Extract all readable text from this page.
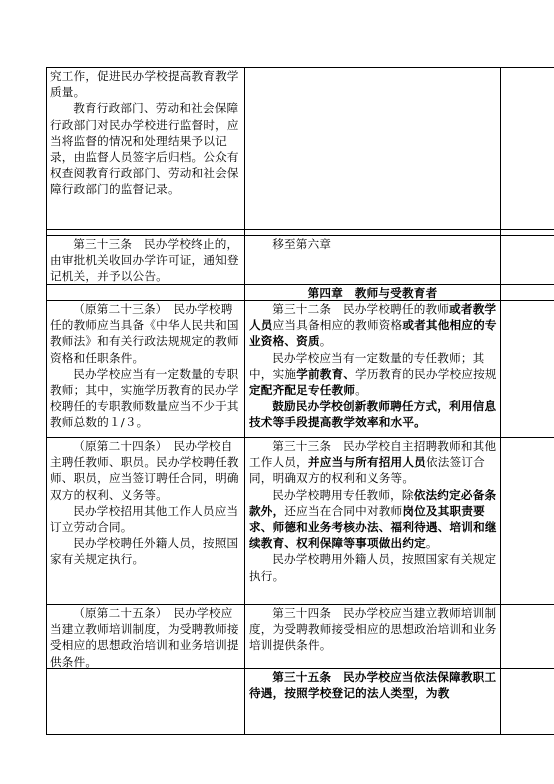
究工作，促进民办学校提高教育教学质量。

教育行政部门、劳动和社会保障行政部门对民办学校进行监督时，应当将监督的情况和处理结果予以记录，由监督人员签字后归档。公众有权查阅教育行政部门、劳动和社会保障行政部门的监督记录。

第三十三条　民办学校终止的，由审批机关收回办学许可证，通知登记机关，并予以公告。

移至第六章

第四章　教师与受教育者

（原第二十三条）　民办学校聘任的教师应当具备《中华人民共和国教师法》和有关行政法规规定的教师资格和任职条件。

民办学校应当有一定数量的专职教师；其中，实施学历教育的民办学校聘任的专职教师数量应当不少于其教师总数的１/３。

第三十二条　民办学校聘任的教师或者教学人员应当具备相应的教师资格或者其他相应的专业资格、资质。

民办学校应当有一定数量的专任教师；其中，实施学前教育、学历教育的民办学校应按规定配齐配足专任教师。

鼓励民办学校创新教师聘任方式，利用信息技术等手段提高教学效率和水平。

（原第二十四条）　民办学校自主聘任教师、职员。民办学校聘任教师、职员，应当签订聘任合同，明确双方的权利、义务等。

民办学校招用其他工作人员应当订立劳动合同。

民办学校聘任外籍人员，按照国家有关规定执行。

第三十三条　民办学校自主招聘教师和其他工作人员，并应当与所有招用人员依法签订合同，明确双方的权利和义务等。

民办学校聘用专任教师，除依法约定必备条款外，还应当在合同中对教师岗位及其职责要求、师德和业务考核办法、福利待遇、培训和继续教育、权利保障等事项做出约定。

民办学校聘用外籍人员，按照国家有关规定执行。

（原第二十五条）　民办学校应当建立教师培训制度，为受聘教师接受相应的思想政治培训和业务培训提供条件。

第三十四条　民办学校应当建立教师培训制度，为受聘教师接受相应的思想政治培训和业务培训提供条件。

第三十五条　民办学校应当依法保障教职工待遇，按照学校登记的法人类型，为教
